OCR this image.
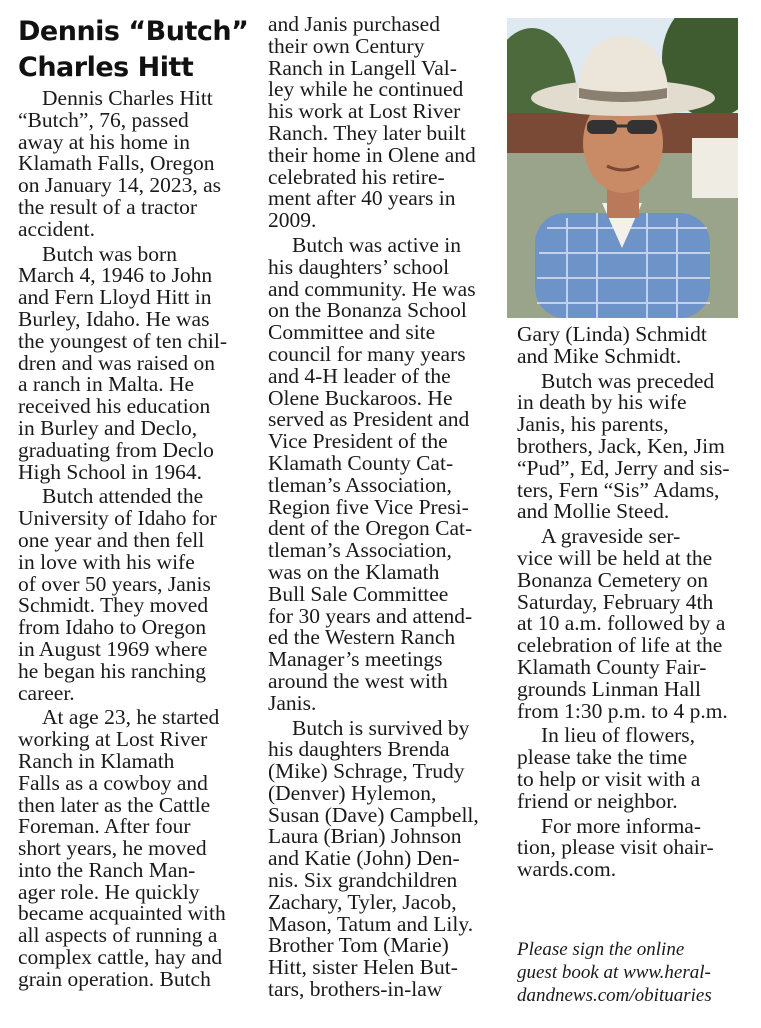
Dennis “Butch”
Charles Hitt

Dennis Charles Hitt
“Butch”, 76, passed
away at his home in
Klamath Falls, Oregon
on January 14, 2023, as
the result of a tractor
accident.

Butch was born
March 4, 1946 to John
and Fern Lloyd Hitt in
Burley, Idaho. He was
the youngest of ten chil-
dren and was raised on
a ranch in Malta. He
received his education
in Burley and Declo,
graduating from Declo
High School in 1964.

Butch attended the
University of Idaho for
one year and then fell
in love with his wife
of over 50 years, Janis
Schmidt. They moved
from Idaho to Oregon
in August 1969 where
he began his ranching
career.

At age 23, he started
working at Lost River
Ranch in Klamath
Falls as a cowboy and
then later as the Cattle
Foreman. After four
short years, he moved
into the Ranch Man-
ager role. He quickly
became acquainted with
all aspects of running a
complex cattle, hay and
grain operation. Butch

and Janis purchased
their own Century
Ranch in Langell Val-
ley while he continued
his work at Lost River
Ranch. They later built
their home in Olene and
celebrated his retire-
ment after 40 years in
2009.

Butch was active in
his daughters’ school
and community. He was
on the Bonanza School
Committee and site
council for many years
and 4-H leader of the
Olene Buckaroos. He
served as President and
Vice President of the
Klamath County Cat-
tleman’s Association,
Region five Vice Presi-
dent of the Oregon Cat-
tleman’s Association,
was on the Klamath
Bull Sale Committee
for 30 years and attend-
ed the Western Ranch
Manager’s meetings
around the west with
Janis.

Butch is survived by
his daughters Brenda
(Mike) Schrage, Trudy
(Denver) Hylemon,
Susan (Dave) Campbell,
Laura (Brian) Johnson
and Katie (John) Den-
nis. Six grandchildren
Zachary, Tyler, Jacob,
Mason, Tatum and Lily.
Brother Tom (Marie)
Hitt, sister Helen But-
tars, brothers-in-law

Gary (Linda) Schmidt
and Mike Schmidt.

Butch was preceded
in death by his wife
Janis, his parents,
brothers, Jack, Ken, Jim
“Pud”, Ed, Jerry and sis-
ters, Fern “Sis” Adams,
and Mollie Steed.

A graveside ser-
vice will be held at the
Bonanza Cemetery on
Saturday, February 4th
at 10 a.m. followed by a
celebration of life at the
Klamath County Fair-
grounds Linman Hall
from 1:30 p.m. to 4 p.m.

In lieu of flowers,
please take the time
to help or visit with a
friend or neighbor.

For more informa-
tion, please visit ohair-
wards.com.

Please sign the online
guest book at www.heral-
dandnews.com/obituaries
